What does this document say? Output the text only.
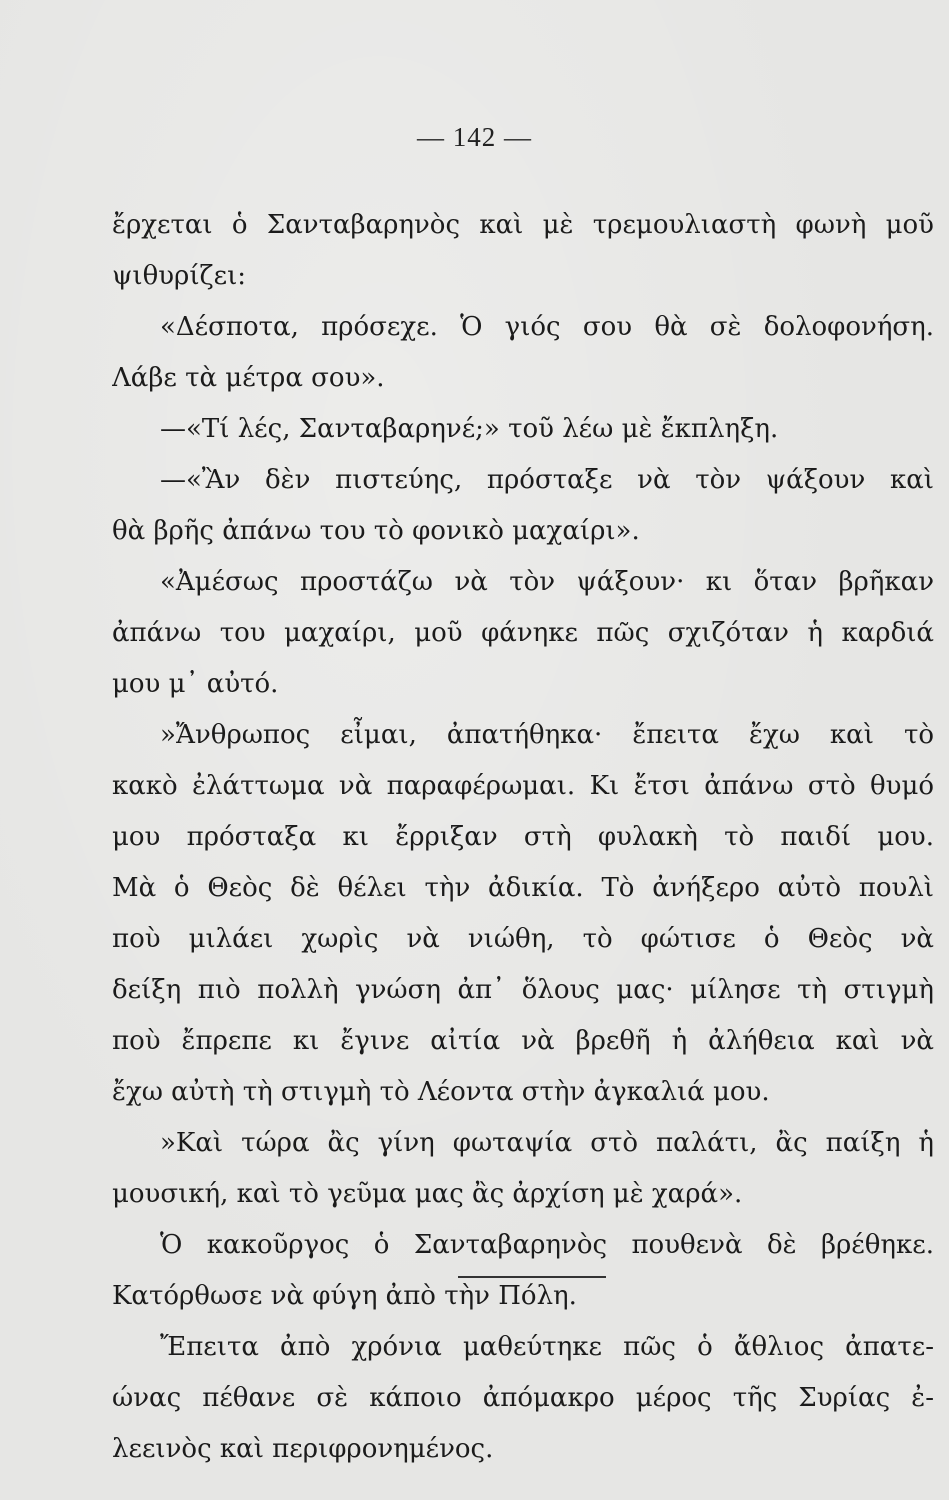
— 142 —
ἔρχεται ὁ Σανταβαρηνὸς καὶ μὲ τρεμουλιαστὴ φωνὴ μοῦ
ψιθυρίζει:
«Δέσποτα, πρόσεχε. Ὁ γιός σου θὰ σὲ δολοφονήση.
Λάβε τὰ μέτρα σου».
—«Τί λές, Σανταβαρηνέ;» τοῦ λέω μὲ ἔκπληξη.
—«Ἂν δὲν πιστεύης, πρόσταξε νὰ τὸν ψάξουν καὶ
θὰ βρῆς ἀπάνω του τὸ φονικὸ μαχαίρι».
«Ἀμέσως προστάζω νὰ τὸν ψάξουν· κι ὅταν βρῆκαν
ἀπάνω του μαχαίρι, μοῦ φάνηκε πῶς σχιζόταν ἡ καρδιά
μου μ᾽ αὐτό.
»Ἄνθρωπος εἶμαι, ἀπατήθηκα· ἔπειτα ἔχω καὶ τὸ
κακὸ ἐλάττωμα νὰ παραφέρωμαι. Κι ἔτσι ἀπάνω στὸ θυμό
μου πρόσταξα κι ἔρριξαν στὴ φυλακὴ τὸ παιδί μου.
Μὰ ὁ Θεὸς δὲ θέλει τὴν ἀδικία. Τὸ ἀνήξερο αὐτὸ πουλὶ
ποὺ μιλάει χωρὶς νὰ νιώθη, τὸ φώτισε ὁ Θεὸς νὰ
δείξη πιὸ πολλὴ γνώση ἀπ᾽ ὅλους μας· μίλησε τὴ στιγμὴ
ποὺ ἔπρεπε κι ἔγινε αἰτία νὰ βρεθῆ ἡ ἀλήθεια καὶ νὰ
ἔχω αὐτὴ τὴ στιγμὴ τὸ Λέοντα στὴν ἀγκαλιά μου.
»Καὶ τώρα ἂς γίνη φωταψία στὸ παλάτι, ἂς παίξη ἡ
μουσική, καὶ τὸ γεῦμα μας ἂς ἀρχίση μὲ χαρά».
Ὁ κακοῦργος ὁ Σανταβαρηνὸς πουθενὰ δὲ βρέθηκε.
Κατόρθωσε νὰ φύγη ἀπὸ τὴν Πόλη.
Ἔπειτα ἀπὸ χρόνια μαθεύτηκε πῶς ὁ ἄθλιος ἀπατε-
ώνας πέθανε σὲ κάποιο ἀπόμακρο μέρος τῆς Συρίας ἐ-
λεεινὸς καὶ περιφρονημένος.
